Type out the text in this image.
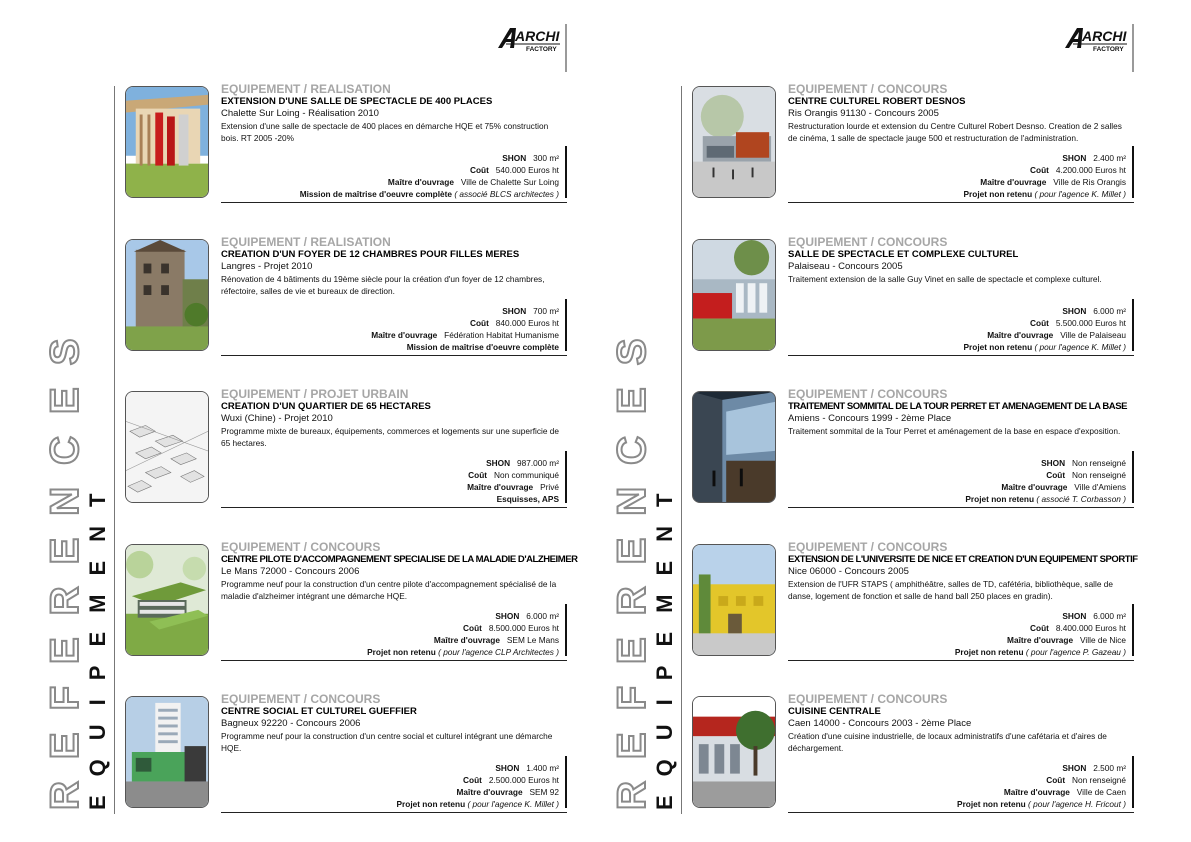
ARCHI
FACTORY
REFERENCES
EQUIPEMENT
EQUIPEMENT / REALISATION
EXTENSION D'UNE SALLE DE SPECTACLE DE 400 PLACES
Chalette Sur Loing - Réalisation 2010
Extension d'une salle de spectacle de 400 places en démarche HQE et 75% construction bois. RT 2005 -20%
SHON 300 m²
Coût 540.000 Euros ht
Maître d'ouvrage Ville de Chalette Sur Loing
Mission de maîtrise d'oeuvre complète ( associé BLCS architectes )
EQUIPEMENT / REALISATION
CREATION D'UN FOYER DE 12 CHAMBRES POUR FILLES MERES
Langres - Projet 2010
Rénovation de 4 bâtiments du 19ème siècle pour la création d'un foyer de 12 chambres, réfectoire, salles de vie et bureaux de direction.
SHON 700 m²
Coût 840.000 Euros ht
Maître d'ouvrage Fédération Habitat Humanisme
Mission de maîtrise d'oeuvre complète
EQUIPEMENT / PROJET URBAIN
CREATION D'UN QUARTIER DE 65 HECTARES
Wuxi (Chine) - Projet 2010
Programme mixte de bureaux, équipements, commerces et logements sur une superficie de 65 hectares.
SHON 987.000 m²
Coût Non communiqué
Maître d'ouvrage Privé
Esquisses, APS
EQUIPEMENT / CONCOURS
CENTRE PILOTE D'ACCOMPAGNEMENT SPECIALISE DE LA MALADIE D'ALZHEIMER
Le Mans 72000 - Concours 2006
Programme neuf pour la construction d'un centre pilote d'accompagnement spécialisé de la maladie d'alzheimer intégrant une démarche HQE.
SHON 6.000 m²
Coût 8.500.000 Euros ht
Maître d'ouvrage SEM Le Mans
Projet non retenu ( pour l'agence CLP Architectes )
EQUIPEMENT / CONCOURS
CENTRE SOCIAL ET CULTUREL GUEFFIER
Bagneux 92220 - Concours 2006
Programme neuf pour la construction d'un centre social et culturel intégrant une démarche HQE.
SHON 1.400 m²
Coût 2.500.000 Euros ht
Maître d'ouvrage SEM 92
Projet non retenu ( pour l'agence K. Millet )
ARCHI
FACTORY
REFERENCES
EQUIPEMENT
EQUIPEMENT / CONCOURS
CENTRE CULTUREL ROBERT DESNOS
Ris Orangis 91130 - Concours 2005
Restructuration lourde et extension du Centre Culturel Robert Desnso. Creation de 2 salles de cinéma, 1 salle de spectacle jauge 500 et restructuration de l'administration.
SHON 2.400 m²
Coût 4.200.000 Euros ht
Maître d'ouvrage Ville de Ris Orangis
Projet non retenu ( pour l'agence K. Millet )
EQUIPEMENT / CONCOURS
SALLE DE SPECTACLE ET COMPLEXE CULTUREL
Palaiseau - Concours 2005
Traitement extension de la salle Guy Vinet en salle de spectacle et complexe culturel.
SHON 6.000 m²
Coût 5.500.000 Euros ht
Maître d'ouvrage Ville de Palaiseau
Projet non retenu ( pour l'agence K. Millet )
EQUIPEMENT / CONCOURS
TRAITEMENT SOMMITAL DE LA TOUR PERRET ET AMENAGEMENT DE LA BASE
Amiens - Concours 1999 - 2ème Place
Traitement sommital de la Tour Perret et aménagement de la base en espace d'exposition.
SHON Non renseigné
Coût Non renseigné
Maître d'ouvrage Ville d'Amiens
Projet non retenu ( associé T. Corbasson )
EQUIPEMENT / CONCOURS
EXTENSION DE L'UNIVERSITE DE NICE ET CREATION D'UN EQUIPEMENT SPORTIF
Nice 06000 - Concours 2005
Extension de l'UFR STAPS ( amphithéâtre, salles de TD, cafétéria, bibliothèque, salle de danse, logement de fonction et salle de hand ball 250 places en gradin).
SHON 6.000 m²
Coût 8.400.000 Euros ht
Maître d'ouvrage Ville de Nice
Projet non retenu ( pour l'agence P. Gazeau )
EQUIPEMENT / CONCOURS
CUISINE CENTRALE
Caen 14000 - Concours 2003 - 2ème Place
Création d'une cuisine industrielle, de locaux administratifs d'une cafétaria et d'aires de déchargement.
SHON 2.500 m²
Coût Non renseigné
Maître d'ouvrage Ville de Caen
Projet non retenu ( pour l'agence H. Fricout )
